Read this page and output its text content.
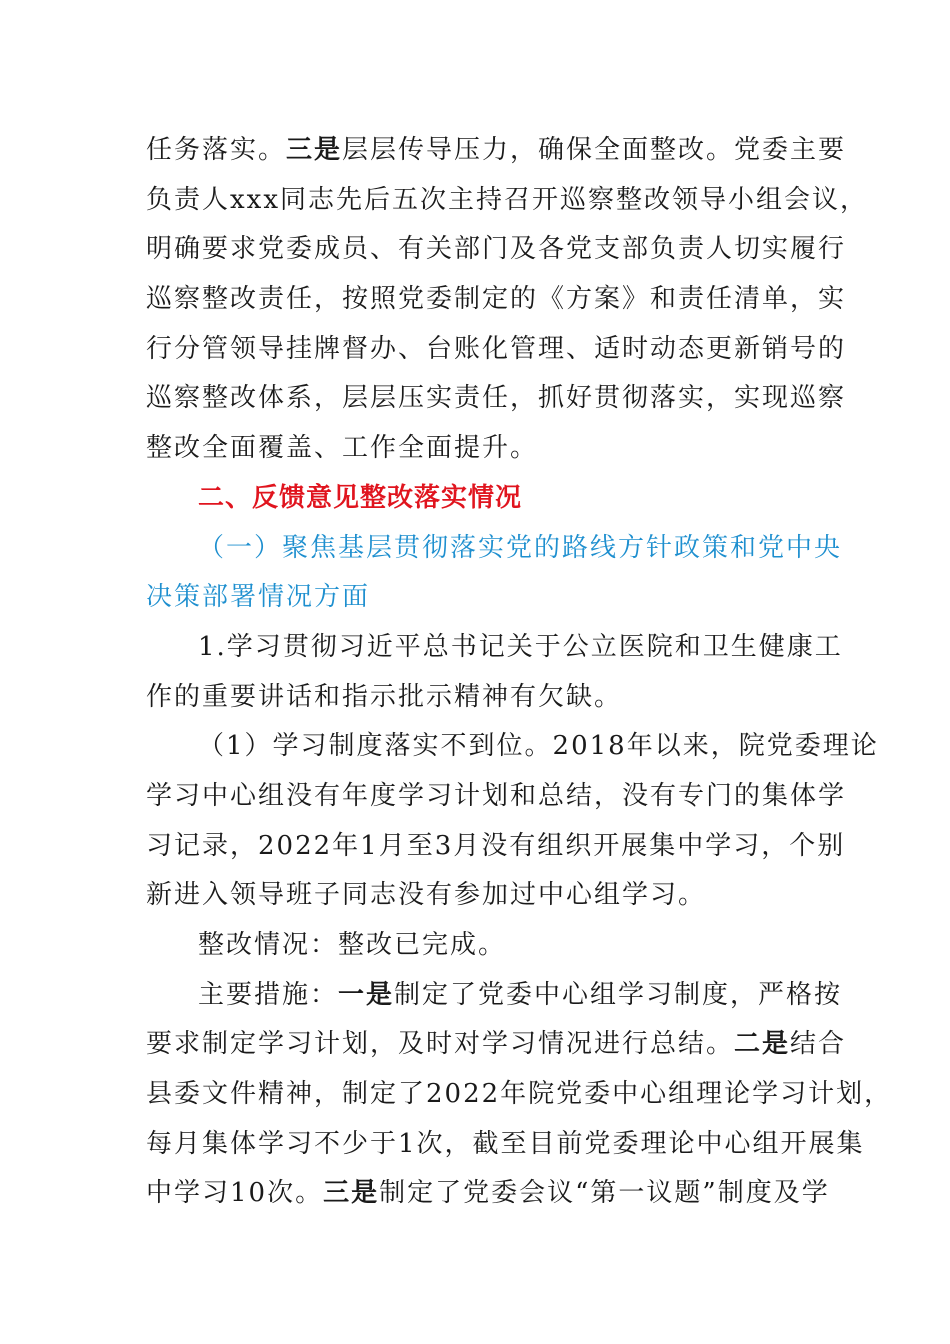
任务落实。三是层层传导压力，确保全面整改。党委主要
负责人xxx同志先后五次主持召开巡察整改领导小组会议，
明确要求党委成员、有关部门及各党支部负责人切实履行
巡察整改责任，按照党委制定的《方案》和责任清单，实
行分管领导挂牌督办、台账化管理、适时动态更新销号的
巡察整改体系，层层压实责任，抓好贯彻落实，实现巡察
整改全面覆盖、工作全面提升。
二、反馈意见整改落实情况
（一）聚焦基层贯彻落实党的路线方针政策和党中央
决策部署情况方面
1.学习贯彻习近平总书记关于公立医院和卫生健康工
作的重要讲话和指示批示精神有欠缺。
（1）学习制度落实不到位。2018年以来，院党委理论
学习中心组没有年度学习计划和总结，没有专门的集体学
习记录，2022年1月至3月没有组织开展集中学习，个别
新进入领导班子同志没有参加过中心组学习。
整改情况：整改已完成。
主要措施：一是制定了党委中心组学习制度，严格按
要求制定学习计划，及时对学习情况进行总结。二是结合
县委文件精神，制定了2022年院党委中心组理论学习计划，
每月集体学习不少于1次，截至目前党委理论中心组开展集
中学习10次。三是制定了党委会议“第一议题”制度及学
